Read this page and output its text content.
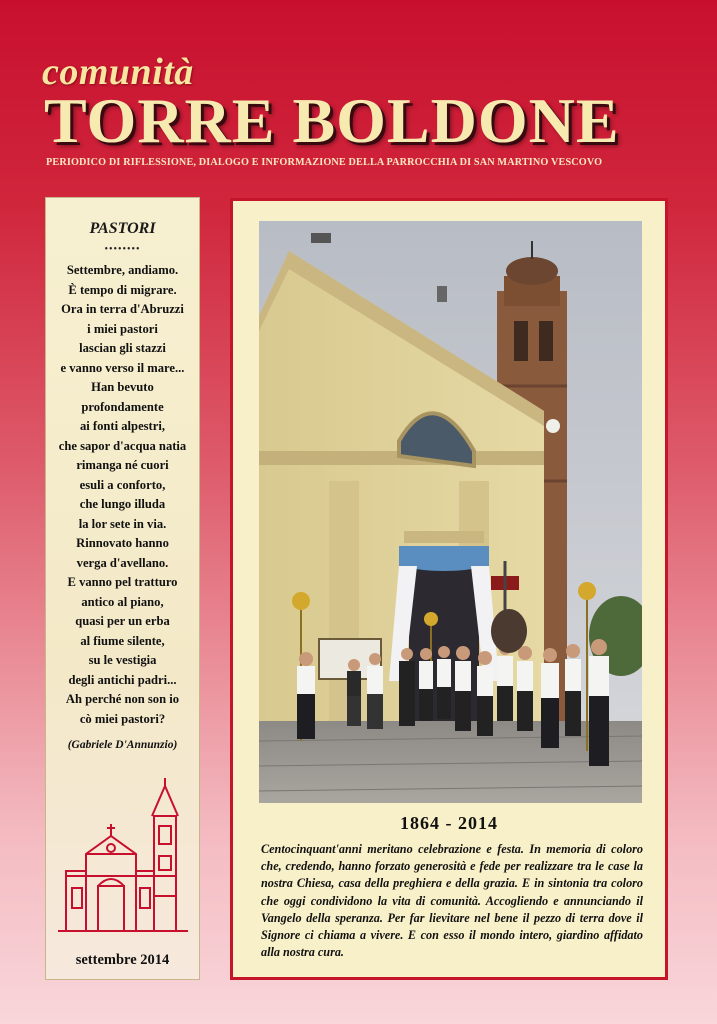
comunità
TORRE BOLDONE
PERIODICO DI RIFLESSIONE, DIALOGO E INFORMAZIONE DELLA PARROCCHIA DI SAN MARTINO VESCOVO
PASTORI
••••••••
Settembre, andiamo.
È tempo di migrare.
Ora in terra d'Abruzzi
i miei pastori
lascian gli stazzi
e vanno verso il mare...
Han bevuto
profondamente
ai fonti alpestri,
che sapor d'acqua natia
rimanga né cuori
esuli a conforto,
che lungo illuda
la lor sete in via.
Rinnovato hanno
verga d'avellano.
E vanno pel tratturo
antico al piano,
quasi per un erba
al fiume silente,
su le vestigia
degli antichi padri...
Ah perché non son io
cò miei pastori?
(Gabriele D'Annunzio)
settembre 2014
1864 - 2014
Centocinquant'anni meritano celebrazione e festa. In memoria di coloro che, credendo, hanno forzato generosità e fede per realizzare tra le case la nostra Chiesa, casa della preghiera e della grazia. E in sintonia tra coloro che oggi condividono la vita di comunità. Accogliendo e annunciando il Vangelo della speranza. Per far lievitare nel bene il pezzo di terra dove il Signore ci chiama a vivere. E con esso il mondo intero, giardino affidato alla nostra cura.
